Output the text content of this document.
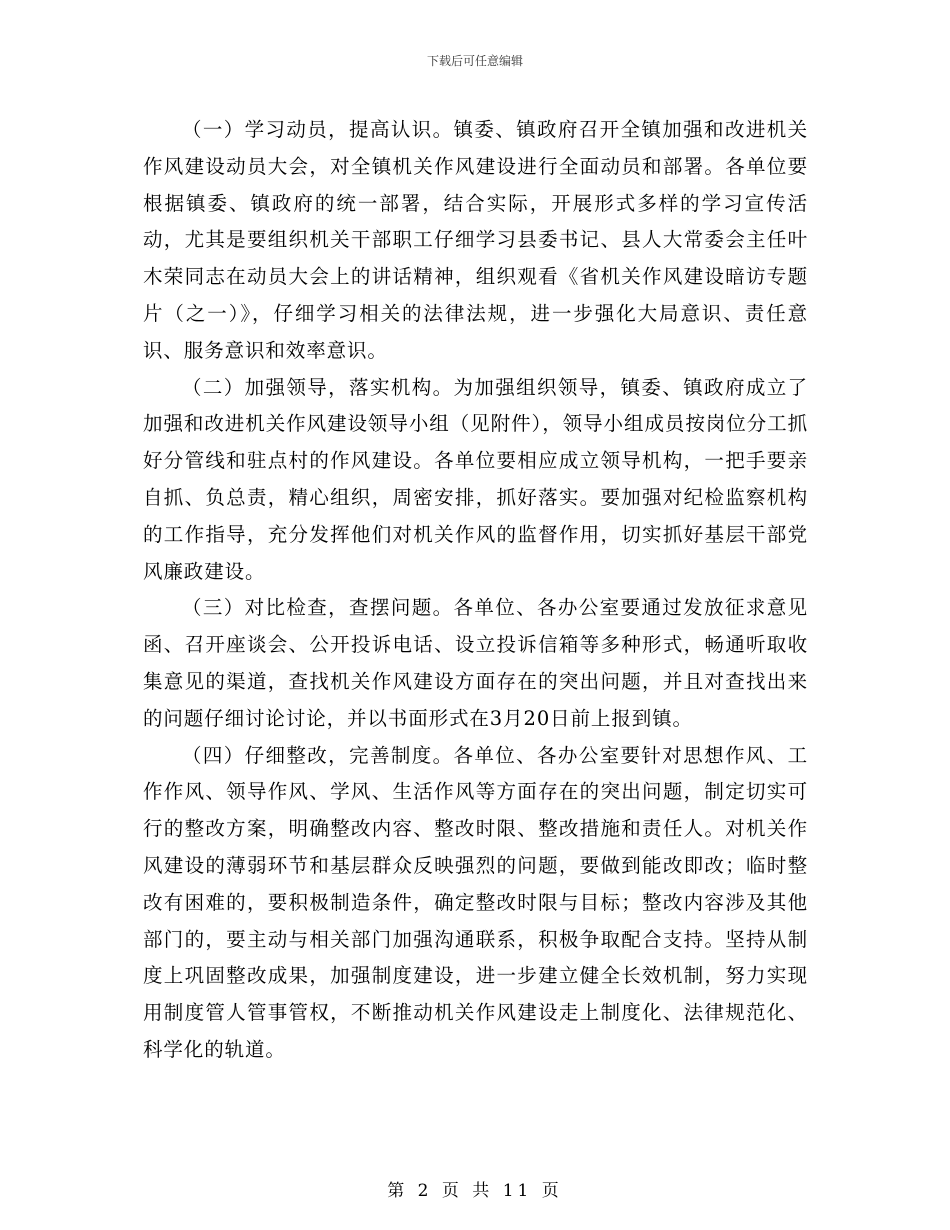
下载后可任意编辑

（一）学习动员，提高认识。镇委、镇政府召开全镇加强和改进机关作风建设动员大会，对全镇机关作风建设进行全面动员和部署。各单位要根据镇委、镇政府的统一部署，结合实际，开展形式多样的学习宣传活动，尤其是要组织机关干部职工仔细学习县委书记、县人大常委会主任叶木荣同志在动员大会上的讲话精神，组织观看《省机关作风建设暗访专题片（之一）》，仔细学习相关的法律法规，进一步强化大局意识、责任意识、服务意识和效率意识。

（二）加强领导，落实机构。为加强组织领导，镇委、镇政府成立了加强和改进机关作风建设领导小组（见附件），领导小组成员按岗位分工抓好分管线和驻点村的作风建设。各单位要相应成立领导机构，一把手要亲自抓、负总责，精心组织，周密安排，抓好落实。要加强对纪检监察机构的工作指导，充分发挥他们对机关作风的监督作用，切实抓好基层干部党风廉政建设。

（三）对比检查，查摆问题。各单位、各办公室要通过发放征求意见函、召开座谈会、公开投诉电话、设立投诉信箱等多种形式，畅通听取收集意见的渠道，查找机关作风建设方面存在的突出问题，并且对查找出来的问题仔细讨论讨论，并以书面形式在3月20日前上报到镇。

（四）仔细整改，完善制度。各单位、各办公室要针对思想作风、工作作风、领导作风、学风、生活作风等方面存在的突出问题，制定切实可行的整改方案，明确整改内容、整改时限、整改措施和责任人。对机关作风建设的薄弱环节和基层群众反映强烈的问题，要做到能改即改；临时整改有困难的，要积极制造条件，确定整改时限与目标；整改内容涉及其他部门的，要主动与相关部门加强沟通联系，积极争取配合支持。坚持从制度上巩固整改成果，加强制度建设，进一步建立健全长效机制，努力实现用制度管人管事管权，不断推动机关作风建设走上制度化、法律规范化、科学化的轨道。

第 2 页 共 11 页
